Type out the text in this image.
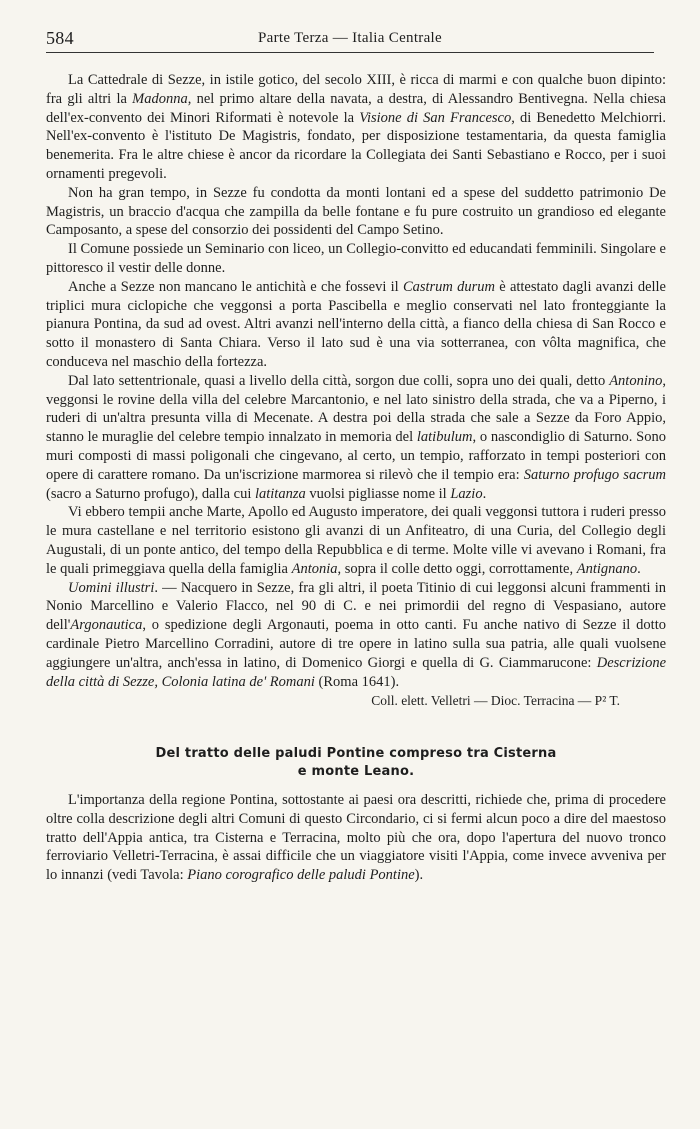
584	Parte Terza — Italia Centrale

La Cattedrale di Sezze, in istile gotico, del secolo XIII, è ricca di marmi e con qualche buon dipinto: fra gli altri la Madonna, nel primo altare della navata, a destra, di Alessandro Bentivegna. Nella chiesa dell'ex-convento dei Minori Riformati è notevole la Visione di San Francesco, di Benedetto Melchiorri. Nell'ex-convento è l'istituto De Magistris, fondato, per disposizione testamentaria, da questa famiglia benemerita. Fra le altre chiese è ancor da ricordare la Collegiata dei Santi Sebastiano e Rocco, per i suoi ornamenti pregevoli.

Non ha gran tempo, in Sezze fu condotta da monti lontani ed a spese del suddetto patrimonio De Magistris, un braccio d'acqua che zampilla da belle fontane e fu pure costruito un grandioso ed elegante Camposanto, a spese del consorzio dei possidenti del Campo Setino.

Il Comune possiede un Seminario con liceo, un Collegio-convitto ed educandati femminili. Singolare e pittoresco il vestir delle donne.

Anche a Sezze non mancano le antichità e che fossevi il Castrum durum è attestato dagli avanzi delle triplici mura ciclopiche che veggonsi a porta Pascibella e meglio conservati nel lato fronteggiante la pianura Pontina, da sud ad ovest. Altri avanzi nell'interno della città, a fianco della chiesa di San Rocco e sotto il monastero di Santa Chiara. Verso il lato sud è una via sotterranea, con vôlta magnifica, che conduceva nel maschio della fortezza.

Dal lato settentrionale, quasi a livello della città, sorgon due colli, sopra uno dei quali, detto Antonino, veggonsi le rovine della villa del celebre Marcantonio, e nel lato sinistro della strada, che va a Piperno, i ruderi di un'altra presunta villa di Mecenate. A destra poi della strada che sale a Sezze da Foro Appio, stanno le muraglie del celebre tempio innalzato in memoria del latibulum, o nascondiglio di Saturno. Sono muri composti di massi poligonali che cingevano, al certo, un tempio, rafforzato in tempi posteriori con opere di carattere romano. Da un'iscrizione marmorea si rilevò che il tempio era: Saturno profugo sacrum (sacro a Saturno profugo), dalla cui latitanza vuolsi pigliasse nome il Lazio.

Vi ebbero tempii anche Marte, Apollo ed Augusto imperatore, dei quali veggonsi tuttora i ruderi presso le mura castellane e nel territorio esistono gli avanzi di un Anfiteatro, di una Curia, del Collegio degli Augustali, di un ponte antico, del tempo della Repubblica e di terme. Molte ville vi avevano i Romani, fra le quali primeggiava quella della famiglia Antonia, sopra il colle detto oggi, corrottamente, Antignano.

Uomini illustri. — Nacquero in Sezze, fra gli altri, il poeta Titinio di cui leggonsi alcuni frammenti in Nonio Marcellino e Valerio Flacco, nel 90 di C. e nei primordii del regno di Vespasiano, autore dell'Argonautica, o spedizione degli Argonauti, poema in otto canti. Fu anche nativo di Sezze il dotto cardinale Pietro Marcellino Corradini, autore di tre opere in latino sulla sua patria, alle quali vuolsene aggiungere un'altra, anch'essa in latino, di Domenico Giorgi e quella di G. Ciammarucone: Descrizione della città di Sezze, Colonia latina de' Romani (Roma 1641).

Coll. elett. Velletri — Dioc. Terracina — P² T.
Del tratto delle paludi Pontine compreso tra Cisterna
e monte Leano.

L'importanza della regione Pontina, sottostante ai paesi ora descritti, richiede che, prima di procedere oltre colla descrizione degli altri Comuni di questo Circondario, ci si fermi alcun poco a dire del maestoso tratto dell'Appia antica, tra Cisterna e Terracina, molto più che ora, dopo l'apertura del nuovo tronco ferroviario Velletri-Terracina, è assai difficile che un viaggiatore visiti l'Appia, come invece avveniva per lo innanzi (vedi Tavola: Piano corografico delle paludi Pontine).
